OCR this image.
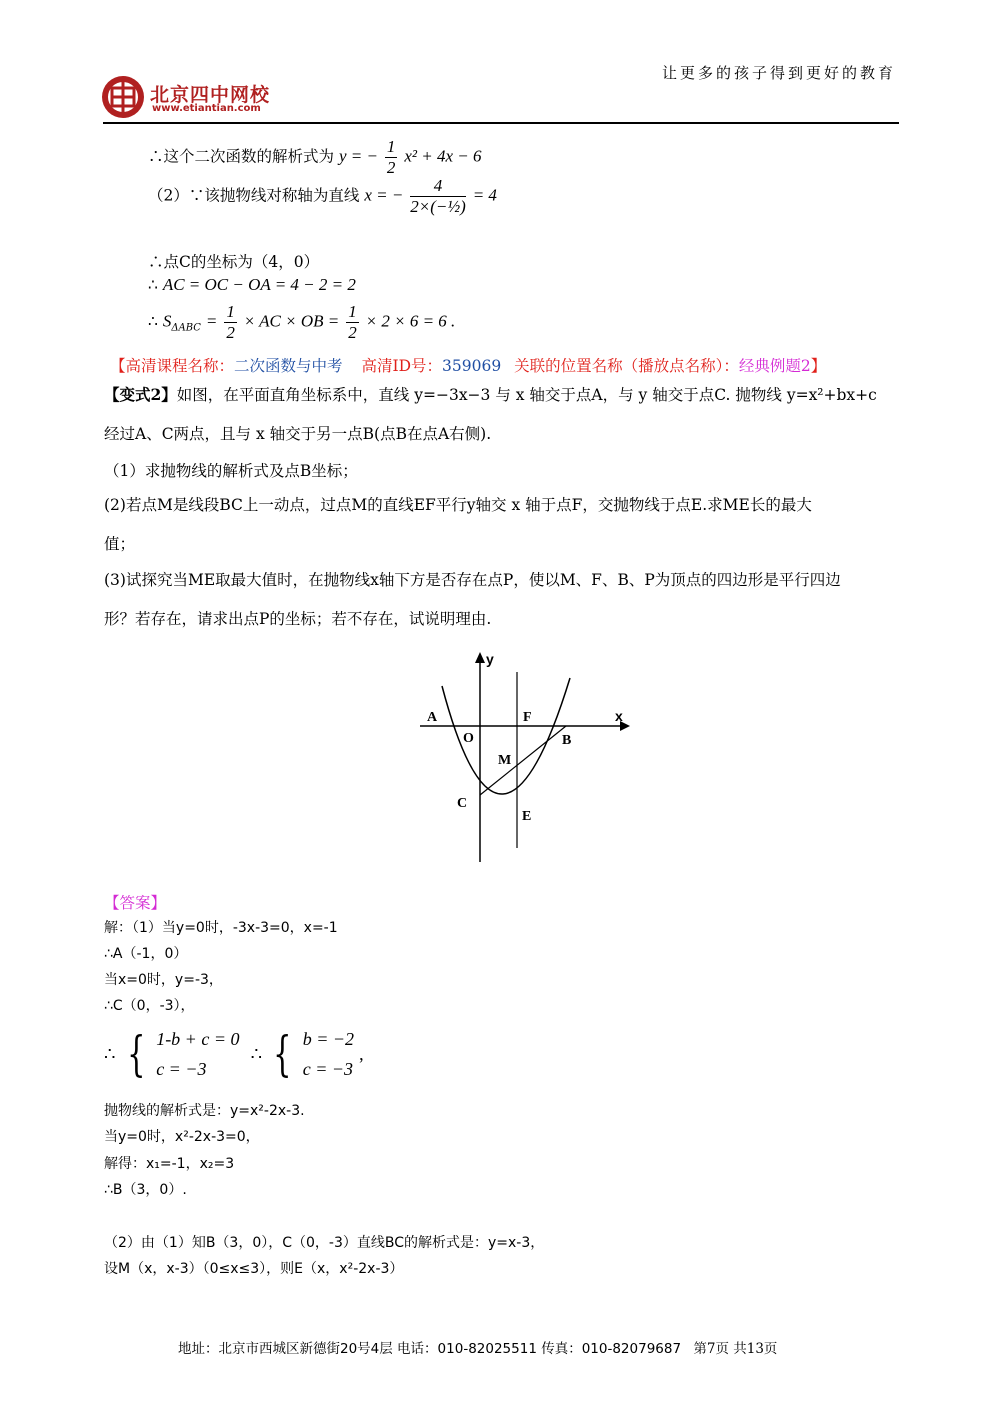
让更多的孩子得到更好的教育
北京四中网校
www.etiantian.com
∴这个二次函数的解析式为 y = − $\frac{1}{2} x^2 + 4x - 6$
（2）∵该抛物线对称轴为直线 x = − $\frac{4}{\text{2×(−½)}} = 4$
∴点C的坐标为（4，0）
∴ AC = OC − OA = 4 − 2 = 2
∴ $S_{\Delta ABC} = \frac{1}{2}$ × AC × OB = $\frac{1}{2} \times 2 \times 6 = 6$ .
【高清课程名称：二次函数与中考 高清ID号：359069 关联的位置名称（播放点名称）：经典例题2】
【变式2】如图，在平面直角坐标系中，直线 y=−3x−3 与 x 轴交于点A，与 y 轴交于点C. 抛物线 y=x²+bx+c
经过A、C两点，且与 x 轴交于另一点B(点B在点A右侧).
（1）求抛物线的解析式及点B坐标；
(2)若点M是线段BC上一动点，过点M的直线EF平行y轴交 x 轴于点F，交抛物线于点E.求ME长的最大
值；
(3)试探究当ME取最大值时，在抛物线x轴下方是否存在点P，使以M、F、B、P为顶点的四边形是平行四边
形？若存在，请求出点P的坐标；若不存在，试说明理由.
y
x
A
O
F
B
M
C
E
【答案】
解：（1）当y=0时，-3x-3=0，x=-1
∴A（-1，0）
当x=0时，y=-3，
∴C（0，-3），
∴ { 1-b + c = 0
c = −3
∴ { b = −2
c = −3
,
抛物线的解析式是：y=x²-2x-3.
当y=0时，x²-2x-3=0，
解得：x₁=-1，x₂=3
∴B（3，0）.
（2）由（1）知B（3，0），C（0，-3）直线BC的解析式是：y=x-3，
设M（x，x-3）（0≤x≤3），则E（x，x²-2x-3）
地址：北京市西城区新德街20号4层 电话：010-82025511 传真：010-82079687 第7页 共13页
